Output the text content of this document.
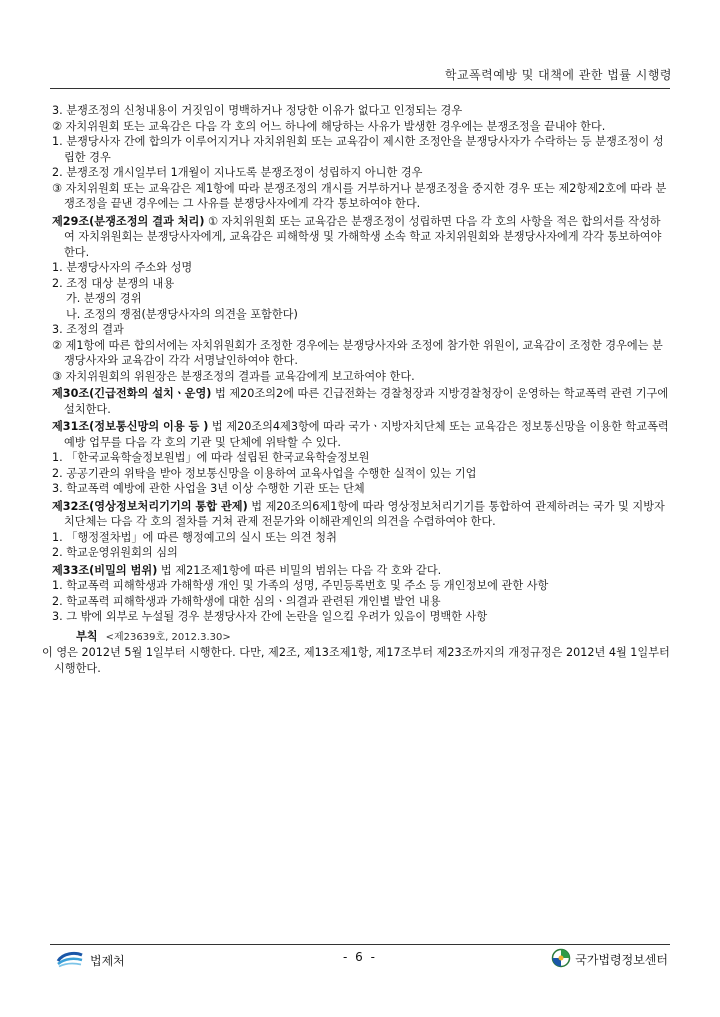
학교폭력예방 및 대책에 관한 법률 시행령

3. 분쟁조정의 신청내용이 거짓임이 명백하거나 정당한 이유가 없다고 인정되는 경우

② 자치위원회 또는 교육감은 다음 각 호의 어느 하나에 해당하는 사유가 발생한 경우에는 분쟁조정을 끝내야 한다.

1. 분쟁당사자 간에 합의가 이루어지거나 자치위원회 또는 교육감이 제시한 조정안을 분쟁당사자가 수락하는 등 분쟁조정이 성립한 경우

2. 분쟁조정 개시일부터 1개월이 지나도록 분쟁조정이 성립하지 아니한 경우

③ 자치위원회 또는 교육감은 제1항에 따라 분쟁조정의 개시를 거부하거나 분쟁조정을 중지한 경우 또는 제2항제2호에 따라 분쟁조정을 끝낸 경우에는 그 사유를 분쟁당사자에게 각각 통보하여야 한다.

제29조(분쟁조정의 결과 처리) ① 자치위원회 또는 교육감은 분쟁조정이 성립하면 다음 각 호의 사항을 적은 합의서를 작성하여 자치위원회는 분쟁당사자에게, 교육감은 피해학생 및 가해학생 소속 학교 자치위원회와 분쟁당사자에게 각각 통보하여야 한다.

1. 분쟁당사자의 주소와 성명

2. 조정 대상 분쟁의 내용

가. 분쟁의 경위

나. 조정의 쟁점(분쟁당사자의 의견을 포함한다)

3. 조정의 결과

② 제1항에 따른 합의서에는 자치위원회가 조정한 경우에는 분쟁당사자와 조정에 참가한 위원이, 교육감이 조정한 경우에는 분쟁당사자와 교육감이 각각 서명날인하여야 한다.

③ 자치위원회의 위원장은 분쟁조정의 결과를 교육감에게 보고하여야 한다.

제30조(긴급전화의 설치ㆍ운영) 법 제20조의2에 따른 긴급전화는 경찰청장과 지방경찰청장이 운영하는 학교폭력 관련 기구에 설치한다.

제31조(정보통신망의 이용 등 ) 법 제20조의4제3항에 따라 국가ㆍ지방자치단체 또는 교육감은 정보통신망을 이용한 학교폭력 예방 업무를 다음 각 호의 기관 및 단체에 위탁할 수 있다.

1. 「한국교육학술정보원법」에 따라 설립된 한국교육학술정보원

2. 공공기관의 위탁을 받아 정보통신망을 이용하여 교육사업을 수행한 실적이 있는 기업

3. 학교폭력 예방에 관한 사업을 3년 이상 수행한 기관 또는 단체

제32조(영상정보처리기기의 통합 관제) 법 제20조의6제1항에 따라 영상정보처리기기를 통합하여 관제하려는 국가 및 지방자치단체는 다음 각 호의 절차를 거쳐 관제 전문가와 이해관계인의 의견을 수렴하여야 한다.

1. 「행정절차법」에 따른 행정예고의 실시 또는 의견 청취

2. 학교운영위원회의 심의

제33조(비밀의 범위) 법 제21조제1항에 따른 비밀의 범위는 다음 각 호와 같다.

1. 학교폭력 피해학생과 가해학생 개인 및 가족의 성명, 주민등록번호 및 주소 등 개인정보에 관한 사항

2. 학교폭력 피해학생과 가해학생에 대한 심의ㆍ의결과 관련된 개인별 발언 내용

3. 그 밖에 외부로 누설될 경우 분쟁당사자 간에 논란을 일으킬 우려가 있음이 명백한 사항

부칙 <제23639호, 2012.3.30>

이 영은 2012년 5월 1일부터 시행한다. 다만, 제2조, 제13조제1항, 제17조부터 제23조까지의 개정규정은 2012년 4월 1일부터 시행한다.

법제처	- 6 -	국가법령정보센터
